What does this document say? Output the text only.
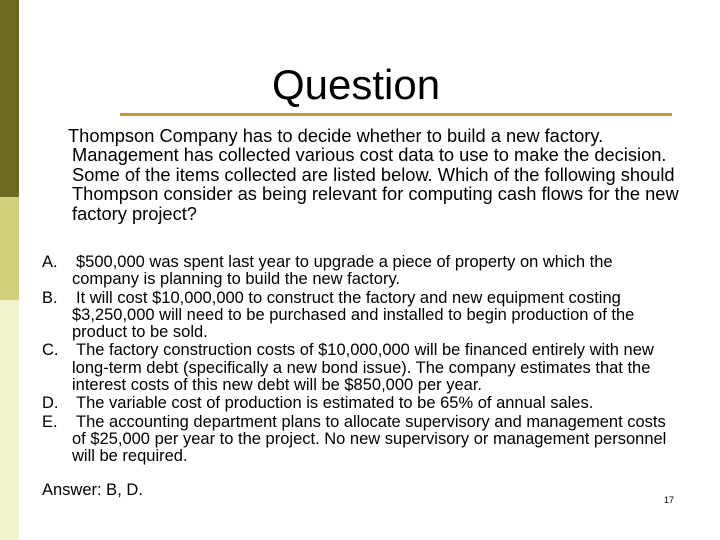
Question

Thompson Company has to decide whether to build a new factory. Management has collected various cost data to use to make the decision. Some of the items collected are listed below. Which of the following should Thompson consider as being relevant for computing cash flows for the new factory project?

A. $500,000 was spent last year to upgrade a piece of property on which the company is planning to build the new factory.
B. It will cost $10,000,000 to construct the factory and new equipment costing $3,250,000 will need to be purchased and installed to begin production of the product to be sold.
C. The factory construction costs of $10,000,000 will be financed entirely with new long-term debt (specifically a new bond issue). The company estimates that the interest costs of this new debt will be $850,000 per year.
D. The variable cost of production is estimated to be 65% of annual sales.
E. The accounting department plans to allocate supervisory and management costs of $25,000 per year to the project. No new supervisory or management personnel will be required.

Answer: B, D.

17
